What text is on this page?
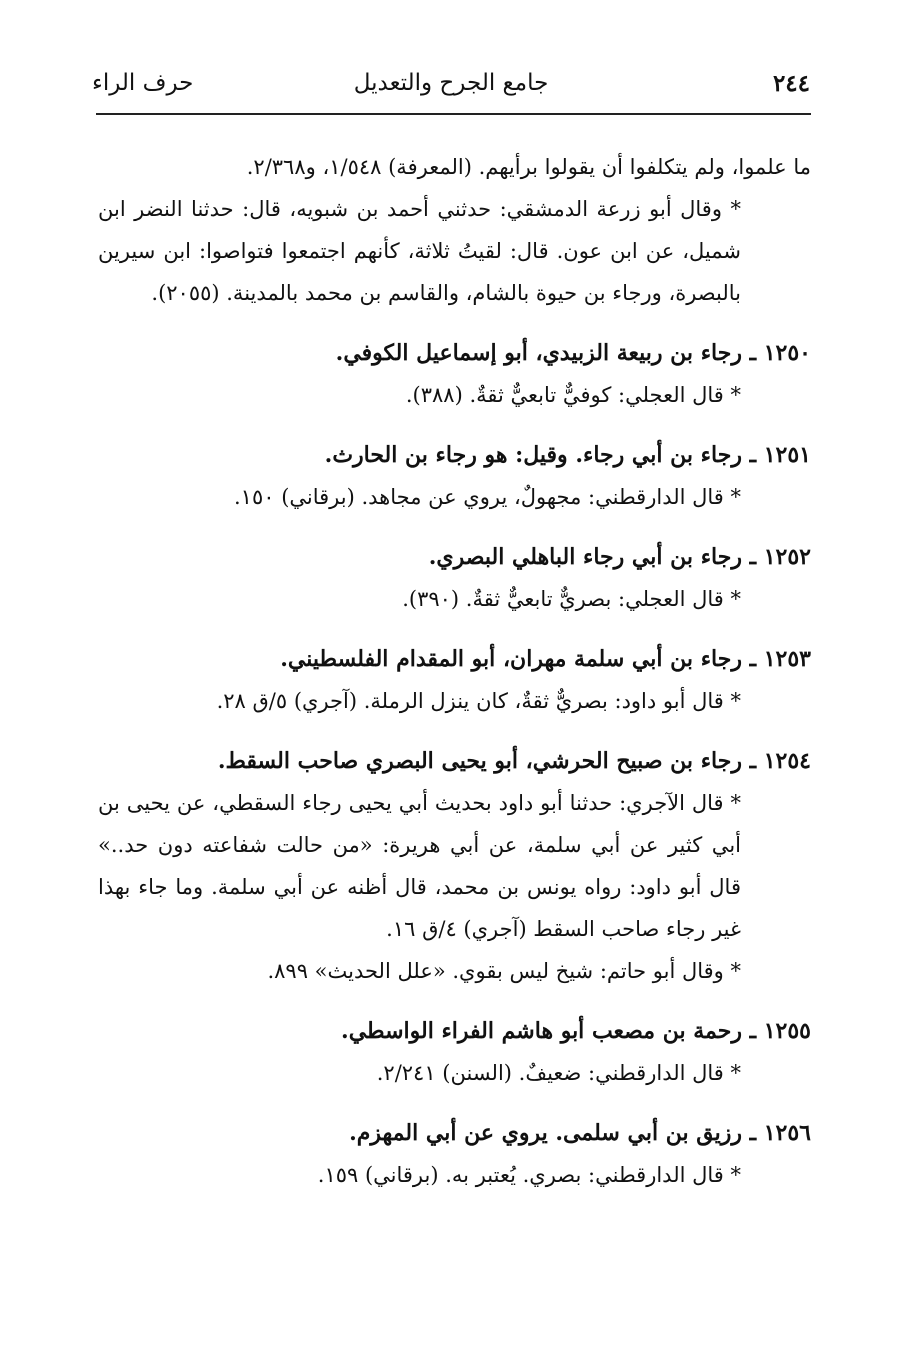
٢٤٤
جامع الجرح والتعديل
حرف الراء

ما علموا، ولم يتكلفوا أن يقولوا برأيهم. (المعرفة) ١/٥٤٨، و٢/٣٦٨.

* وقال أبو زرعة الدمشقي: حدثني أحمد بن شبويه، قال: حدثنا النضر ابن شميل، عن ابن عون. قال: لقيتُ ثلاثة، كأنهم اجتمعوا فتواصوا: ابن سيرين بالبصرة، ورجاء بن حيوة بالشام، والقاسم بن محمد بالمدينة. (٢٠٥٥).

١٢٥٠ ـ رجاء بن ربيعة الزبيدي، أبو إسماعيل الكوفي.

* قال العجلي: كوفيٌّ تابعيٌّ ثقةٌ. (٣٨٨).

١٢٥١ ـ رجاء بن أبي رجاء. وقيل: هو رجاء بن الحارث.

* قال الدارقطني: مجهولٌ، يروي عن مجاهد. (برقاني) ١٥٠.

١٢٥٢ ـ رجاء بن أبي رجاء الباهلي البصري.

* قال العجلي: بصريٌّ تابعيٌّ ثقةٌ. (٣٩٠).

١٢٥٣ ـ رجاء بن أبي سلمة مهران، أبو المقدام الفلسطيني.

* قال أبو داود: بصريٌّ ثقةٌ، كان ينزل الرملة. (آجري) ٥/ق ٢٨.

١٢٥٤ ـ رجاء بن صبيح الحرشي، أبو يحيى البصري صاحب السقط.

* قال الآجري: حدثنا أبو داود بحديث أبي يحيى رجاء السقطي، عن يحيى بن أبي كثير عن أبي سلمة، عن أبي هريرة: «من حالت شفاعته دون حد..» قال أبو داود: رواه يونس بن محمد، قال أظنه عن أبي سلمة. وما جاء بهذا غير رجاء صاحب السقط (آجري) ٤/ق ١٦.

* وقال أبو حاتم: شيخ ليس بقوي. «علل الحديث» ٨٩٩.

١٢٥٥ ـ رحمة بن مصعب أبو هاشم الفراء الواسطي.

* قال الدارقطني: ضعيفٌ. (السنن) ٢/٢٤١.

١٢٥٦ ـ رزيق بن أبي سلمى. يروي عن أبي المهزم.

* قال الدارقطني: بصري. يُعتبر به. (برقاني) ١٥٩.
